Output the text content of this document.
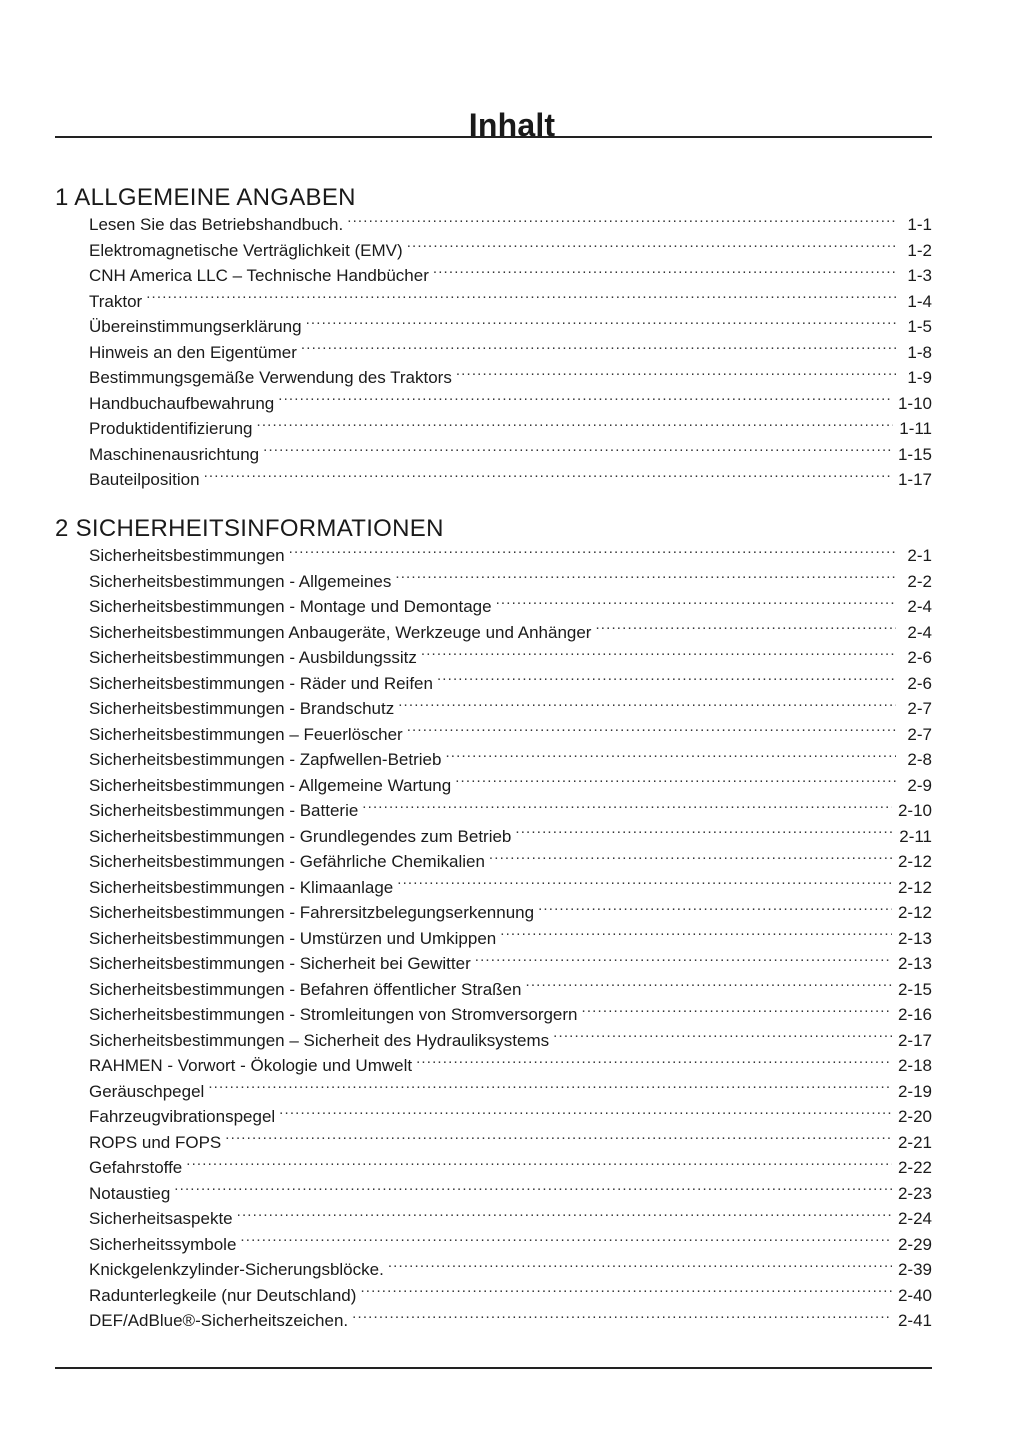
Inhalt
1 ALLGEMEINE ANGABEN
Lesen Sie das Betriebshandbuch. . . .	1-1
Elektromagnetische Verträglichkeit (EMV) . . .	1-2
CNH America LLC – Technische Handbücher . . .	1-3
Traktor . . .	1-4
Übereinstimmungserklärung . . .	1-5
Hinweis an den Eigentümer . . .	1-8
Bestimmungsgemäße Verwendung des Traktors . . .	1-9
Handbuchaufbewahrung . . .	1-10
Produktidentifizierung . . .	1-11
Maschinenausrichtung . . .	1-15
Bauteilposition . . .	1-17
2 SICHERHEITSINFORMATIONEN
Sicherheitsbestimmungen . . .	2-1
Sicherheitsbestimmungen - Allgemeines . . .	2-2
Sicherheitsbestimmungen - Montage und Demontage . . .	2-4
Sicherheitsbestimmungen Anbaugeräte, Werkzeuge und Anhänger . . .	2-4
Sicherheitsbestimmungen - Ausbildungssitz . . .	2-6
Sicherheitsbestimmungen - Räder und Reifen . . .	2-6
Sicherheitsbestimmungen - Brandschutz . . .	2-7
Sicherheitsbestimmungen – Feuerlöscher . . .	2-7
Sicherheitsbestimmungen - Zapfwellen-Betrieb . . .	2-8
Sicherheitsbestimmungen - Allgemeine Wartung . . .	2-9
Sicherheitsbestimmungen - Batterie . . .	2-10
Sicherheitsbestimmungen - Grundlegendes zum Betrieb . . .	2-11
Sicherheitsbestimmungen - Gefährliche Chemikalien . . .	2-12
Sicherheitsbestimmungen - Klimaanlage . . .	2-12
Sicherheitsbestimmungen - Fahrersitzbelegungserkennung . . .	2-12
Sicherheitsbestimmungen - Umstürzen und Umkippen . . .	2-13
Sicherheitsbestimmungen - Sicherheit bei Gewitter . . .	2-13
Sicherheitsbestimmungen - Befahren öffentlicher Straßen . . .	2-15
Sicherheitsbestimmungen - Stromleitungen von Stromversorgern . . .	2-16
Sicherheitsbestimmungen – Sicherheit des Hydrauliksystems . . .	2-17
RAHMEN - Vorwort - Ökologie und Umwelt . . .	2-18
Geräuschpegel . . .	2-19
Fahrzeugvibrationspegel . . .	2-20
ROPS und FOPS . . .	2-21
Gefahrstoffe . . .	2-22
Notaustieg . . .	2-23
Sicherheitsaspekte . . .	2-24
Sicherheitssymbole . . .	2-29
Knickgelenkzylinder-Sicherungsblöcke. . . .	2-39
Radunterlegkeile (nur Deutschland) . . .	2-40
DEF/AdBlue®-Sicherheitszeichen. . . .	2-41
